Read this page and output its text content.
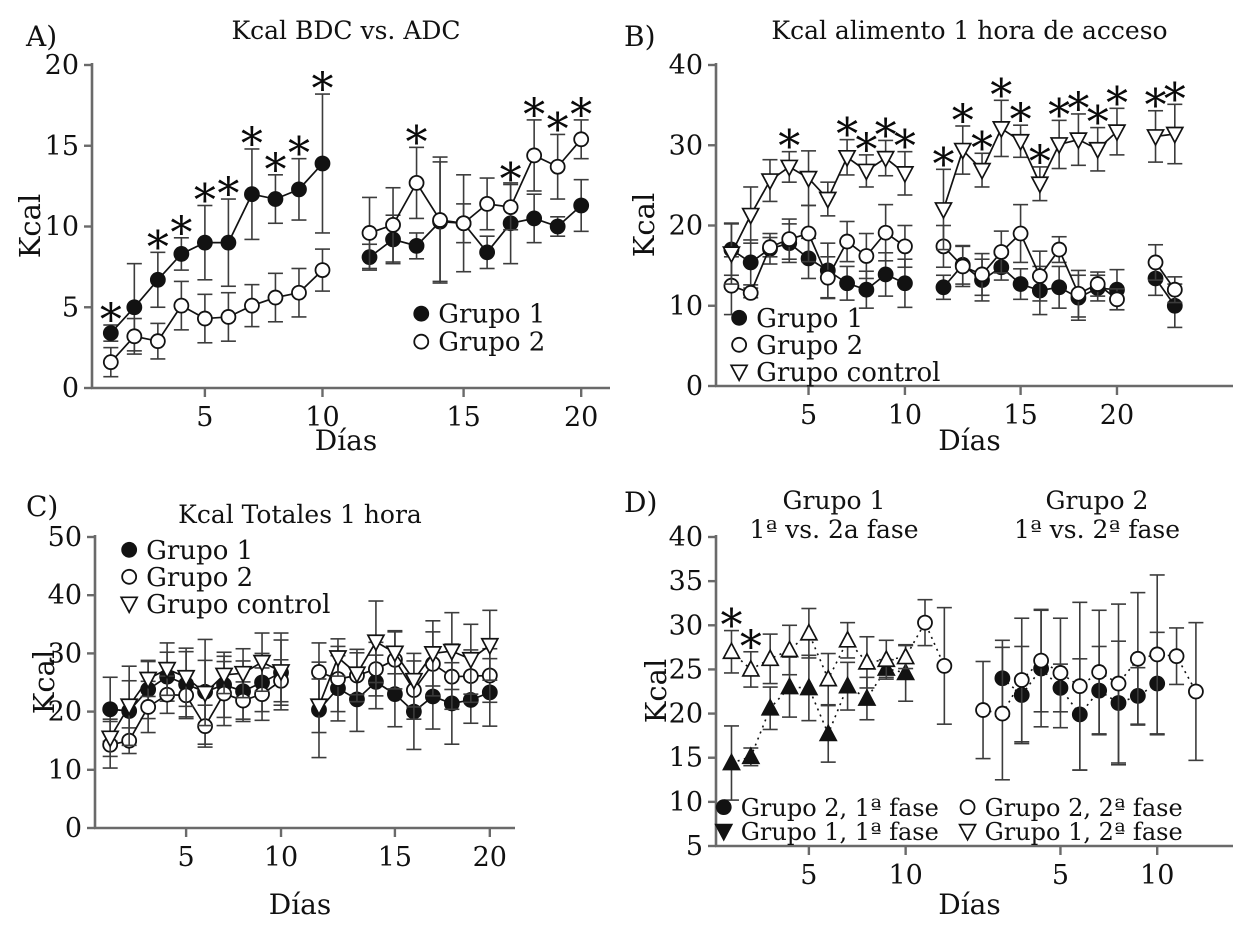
0
5
10
15
20
5	10	15	20
*
* *
* *
*
* *
*
*
*
* * *
Grupo 1
Grupo 2
A)	Kcal BDC vs. ADC
Kcal
Días
0
10
20
30
40
5	10	15 20
* *
*
*
* *
*
*
*
*
*
*
*
*
* *
*
Grupo 1
Grupo 2
Grupo control
B)	Kcal alimento 1 hora de acceso
Kcal
Días
0
10
20
30
40
50
5	10	15 20
Grupo 1
Grupo 2
Grupo control
C)	Kcal Totales 1 hora
Kcal
Días
5
10
15
20
25
30
35
40
5	10	5	10
*
*
Grupo 2, 1ª fase
Grupo 1, 1ª fase
Grupo 2, 2ª fase
Grupo 1, 2ª fase
D)	Grupo 1
1ª vs. 2a fase
Grupo 2
1ª vs. 2ª fase
Kcal
Días
